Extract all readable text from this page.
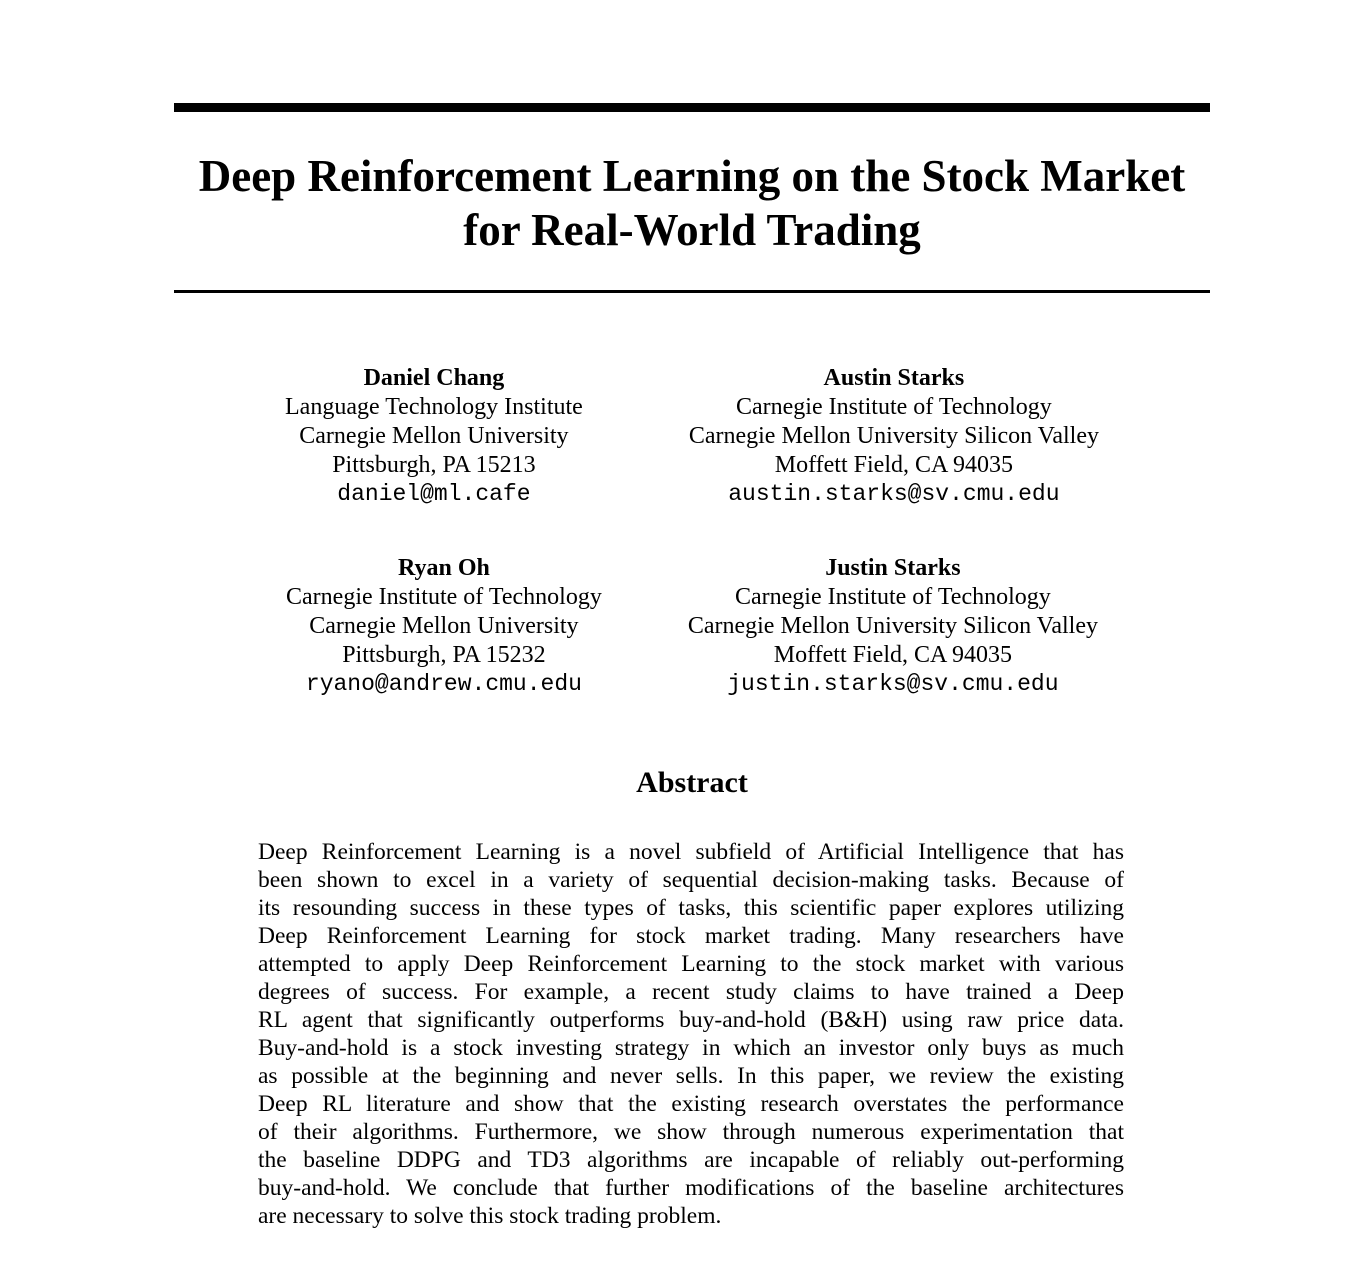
Deep Reinforcement Learning on the Stock Market
for Real-World Trading
Daniel Chang
Language Technology Institute
Carnegie Mellon University
Pittsburgh, PA 15213
daniel@ml.cafe
Austin Starks
Carnegie Institute of Technology
Carnegie Mellon University Silicon Valley
Moffett Field, CA 94035
austin.starks@sv.cmu.edu
Ryan Oh
Carnegie Institute of Technology
Carnegie Mellon University
Pittsburgh, PA 15232
ryano@andrew.cmu.edu
Justin Starks
Carnegie Institute of Technology
Carnegie Mellon University Silicon Valley
Moffett Field, CA 94035
justin.starks@sv.cmu.edu
Abstract
Deep Reinforcement Learning is a novel subfield of Artificial Intelligence that has
been shown to excel in a variety of sequential decision-making tasks. Because of
its resounding success in these types of tasks, this scientific paper explores utilizing
Deep Reinforcement Learning for stock market trading. Many researchers have
attempted to apply Deep Reinforcement Learning to the stock market with various
degrees of success. For example, a recent study claims to have trained a Deep
RL agent that significantly outperforms buy-and-hold (B&H) using raw price data.
Buy-and-hold is a stock investing strategy in which an investor only buys as much
as possible at the beginning and never sells. In this paper, we review the existing
Deep RL literature and show that the existing research overstates the performance
of their algorithms. Furthermore, we show through numerous experimentation that
the baseline DDPG and TD3 algorithms are incapable of reliably out-performing
buy-and-hold. We conclude that further modifications of the baseline architectures
are necessary to solve this stock trading problem.
